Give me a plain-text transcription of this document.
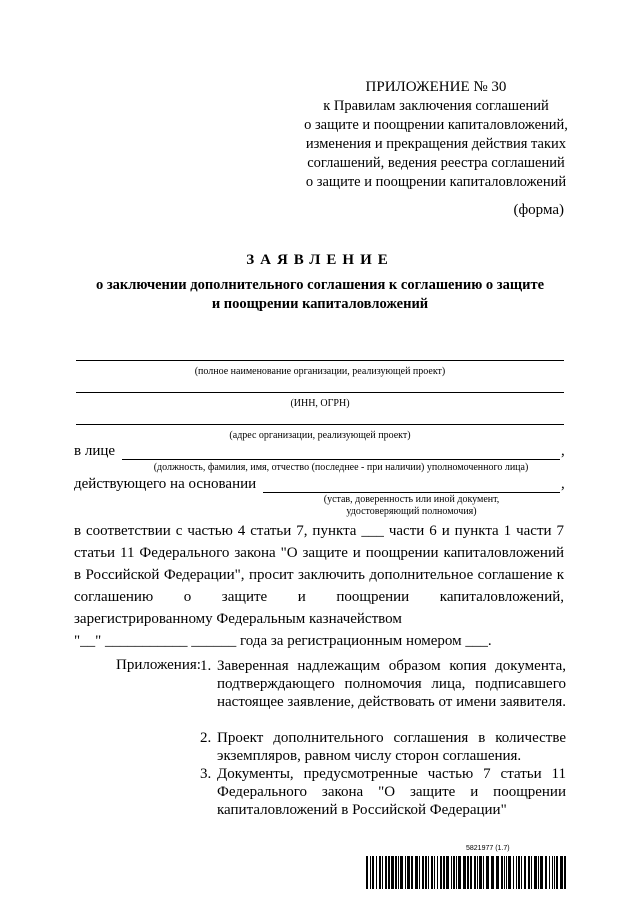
ПРИЛОЖЕНИЕ № 30
к Правилам заключения соглашений
о защите и поощрении капиталовложений,
изменения и прекращения действия таких
соглашений, ведения реестра соглашений
о защите и поощрении капиталовложений
(форма)
ЗАЯВЛЕНИЕ
о заключении дополнительного соглашения к соглашению о защите
и поощрении капиталовложений
(полное наименование организации, реализующей проект)
(ИНН, ОГРН)
(адрес организации, реализующей проект)
в лице	,
(должность, фамилия, имя, отчество (последнее - при наличии) уполномоченного лица)
действующего на основании	,
(устав, доверенность или иной документ,
удостоверяющий полномочия)
в соответствии с частью 4 статьи 7, пункта ___ части 6 и пункта 1 части 7 статьи 11 Федерального закона "О защите и поощрении капиталовложений в Российской Федерации", просит заключить дополнительное соглашение к соглашению о защите и поощрении капиталовложений, зарегистрированному Федеральным казначейством
"__" ___________ ______ года за регистрационным номером ___.
Приложения: 1. Заверенная надлежащим образом копия документа, подтверждающего полномочия лица, подписавшего настоящее заявление, действовать от имени заявителя.
2. Проект дополнительного соглашения в количестве экземпляров, равном числу сторон соглашения.
3. Документы, предусмотренные частью 7 статьи 11 Федерального закона "О защите и поощрении капиталовложений в Российской Федерации"
5821977 (1.7)
